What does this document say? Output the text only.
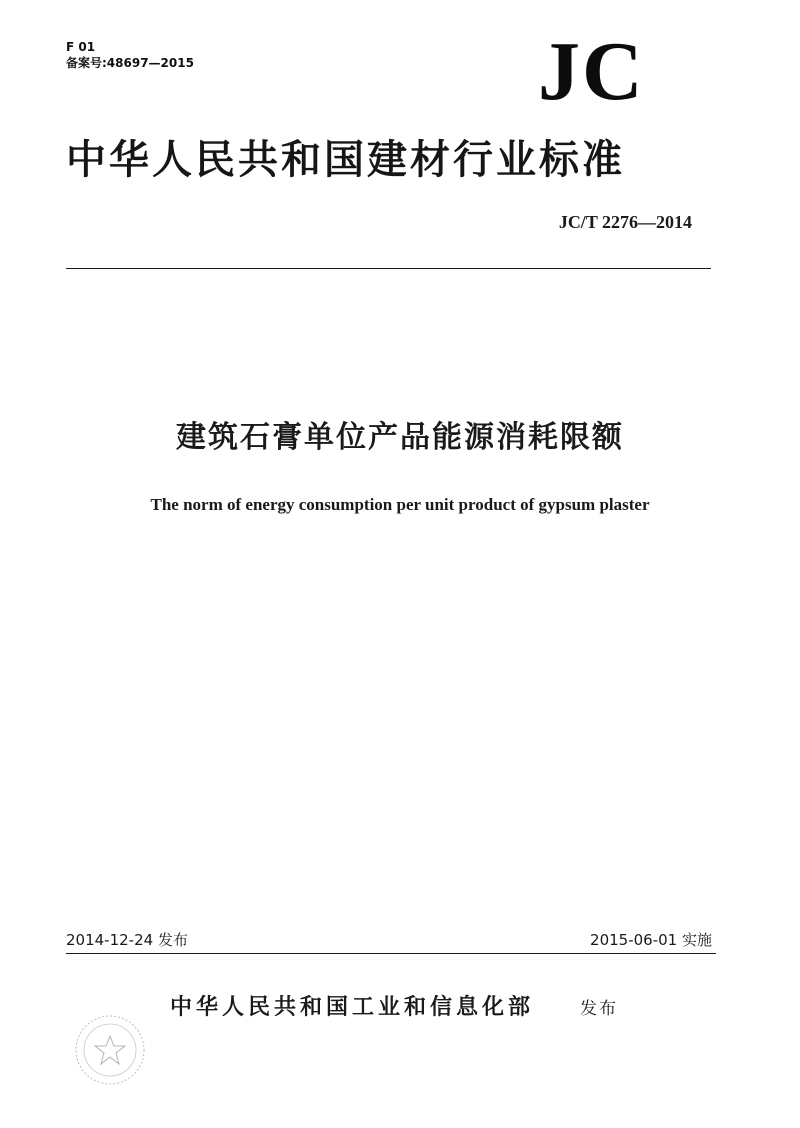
F 01
备案号:48697—2015	JC
中华人民共和国建材行业标准
JC/T 2276—2014
建筑石膏单位产品能源消耗限额
The norm of energy consumption per unit product of gypsum plaster
2014-12-24 发布	2015-06-01 实施
中华人民共和国工业和信息化部	发布
